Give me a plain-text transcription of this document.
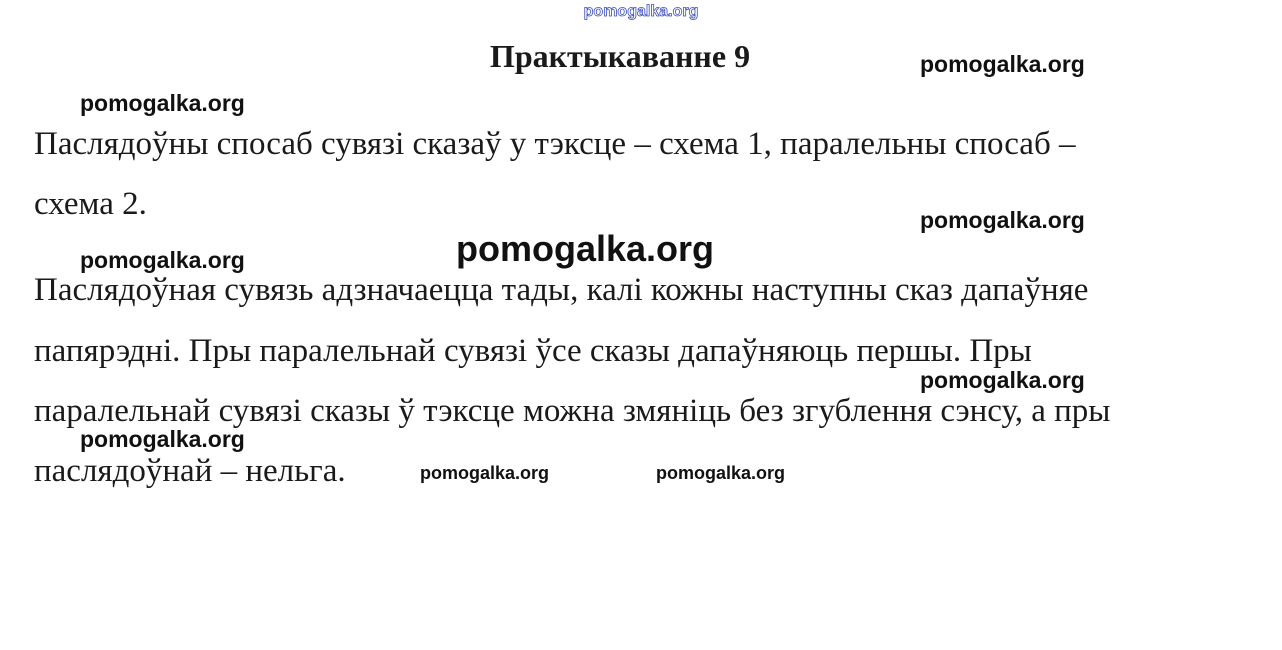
pomogalka.org
Практыкаванне 9

Паслядоўны спосаб сувязі сказаў у тэксце – схема 1, паралельны спосаб –

схема 2.

Паслядоўная сувязь адзначаецца тады, калі кожны наступны сказ дапаўняе

папярэдні. Пры паралельнай сувязі ўсе сказы дапаўняюць першы. Пры

паралельнай сувязі сказы ў тэксце можна змяніць без згублення сэнсу, а пры

паслядоўнай – нельга.

pomogalka.org
pomogalka.org
pomogalka.org
pomogalka.org
pomogalka.org
pomogalka.org
pomogalka.org
pomogalka.org	pomogalka.org
